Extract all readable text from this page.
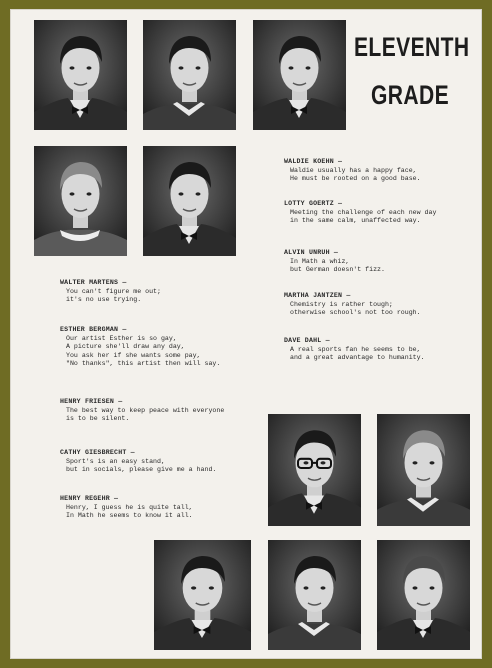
ELEVENTH
GRADE
WALDIE KOEHN —
Waldie usually has a happy face,
He must be rooted on a good base.
LOTTY GOERTZ —
Meeting the challenge of each new day
in the same calm, unaffected way.
ALVIN UNRUH —
In Math a whiz,
but German doesn't fizz.
MARTHA JANTZEN —
Chemistry is rather tough;
otherwise school's not too rough.
DAVE DAHL —
A real sports fan he seems to be,
and a great advantage to humanity.
WALTER MARTENS —
You can't figure me out;
it's no use trying.
ESTHER BERGMAN —
Our artist Esther is so gay,
A picture she'll draw any day,
You ask her if she wants some pay,
"No thanks", this artist then will say.
HENRY FRIESEN —
The best way to keep peace with everyone
is to be silent.
CATHY GIESBRECHT —
Sport's is an easy stand,
but in socials, please give me a hand.
HENRY REGEHR —
Henry, I guess he is quite tall,
In Math he seems to know it all.
